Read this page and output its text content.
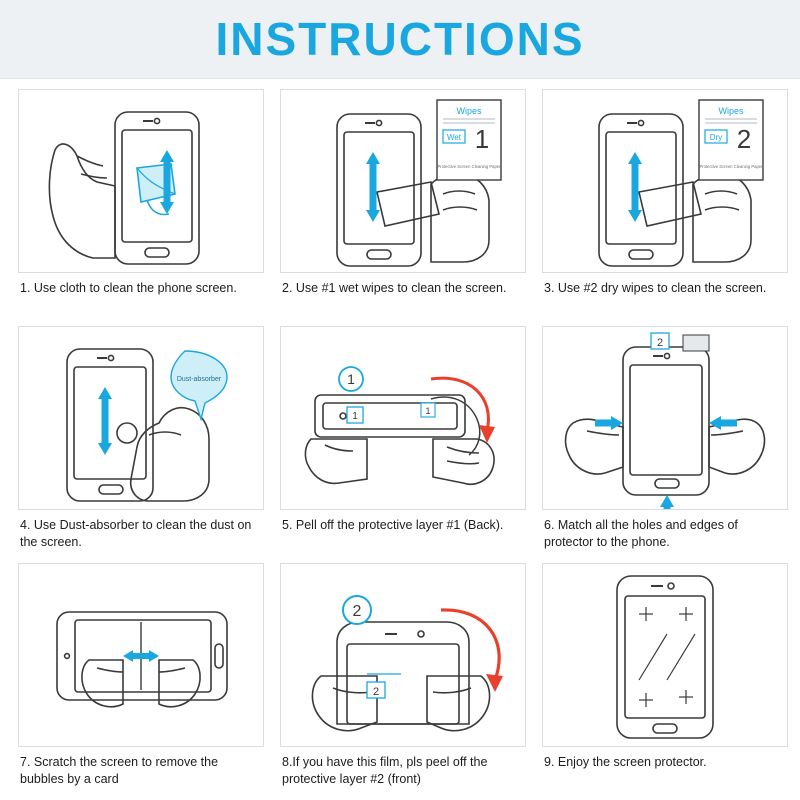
INSTRUCTIONS
1. Use cloth to clean the phone screen.
Wipes
Wet 1
Protective Screen Cleaning Paper
2. Use #1 wet wipes to clean the screen.
Wipes
Dry 2
Protective Screen Cleaning Paper
3. Use #2 dry wipes to clean the screen.
Dust-absorber
4. Use Dust-absorber to clean the dust on the screen.
1
1	1
5. Pell off the protective layer #1 (Back).
2
6. Match all the holes and edges of protector to the phone.
7. Scratch the screen to remove the bubbles by a card
2
2
8.If you have this film, pls peel off the protective layer #2 (front)
9. Enjoy the screen protector.
